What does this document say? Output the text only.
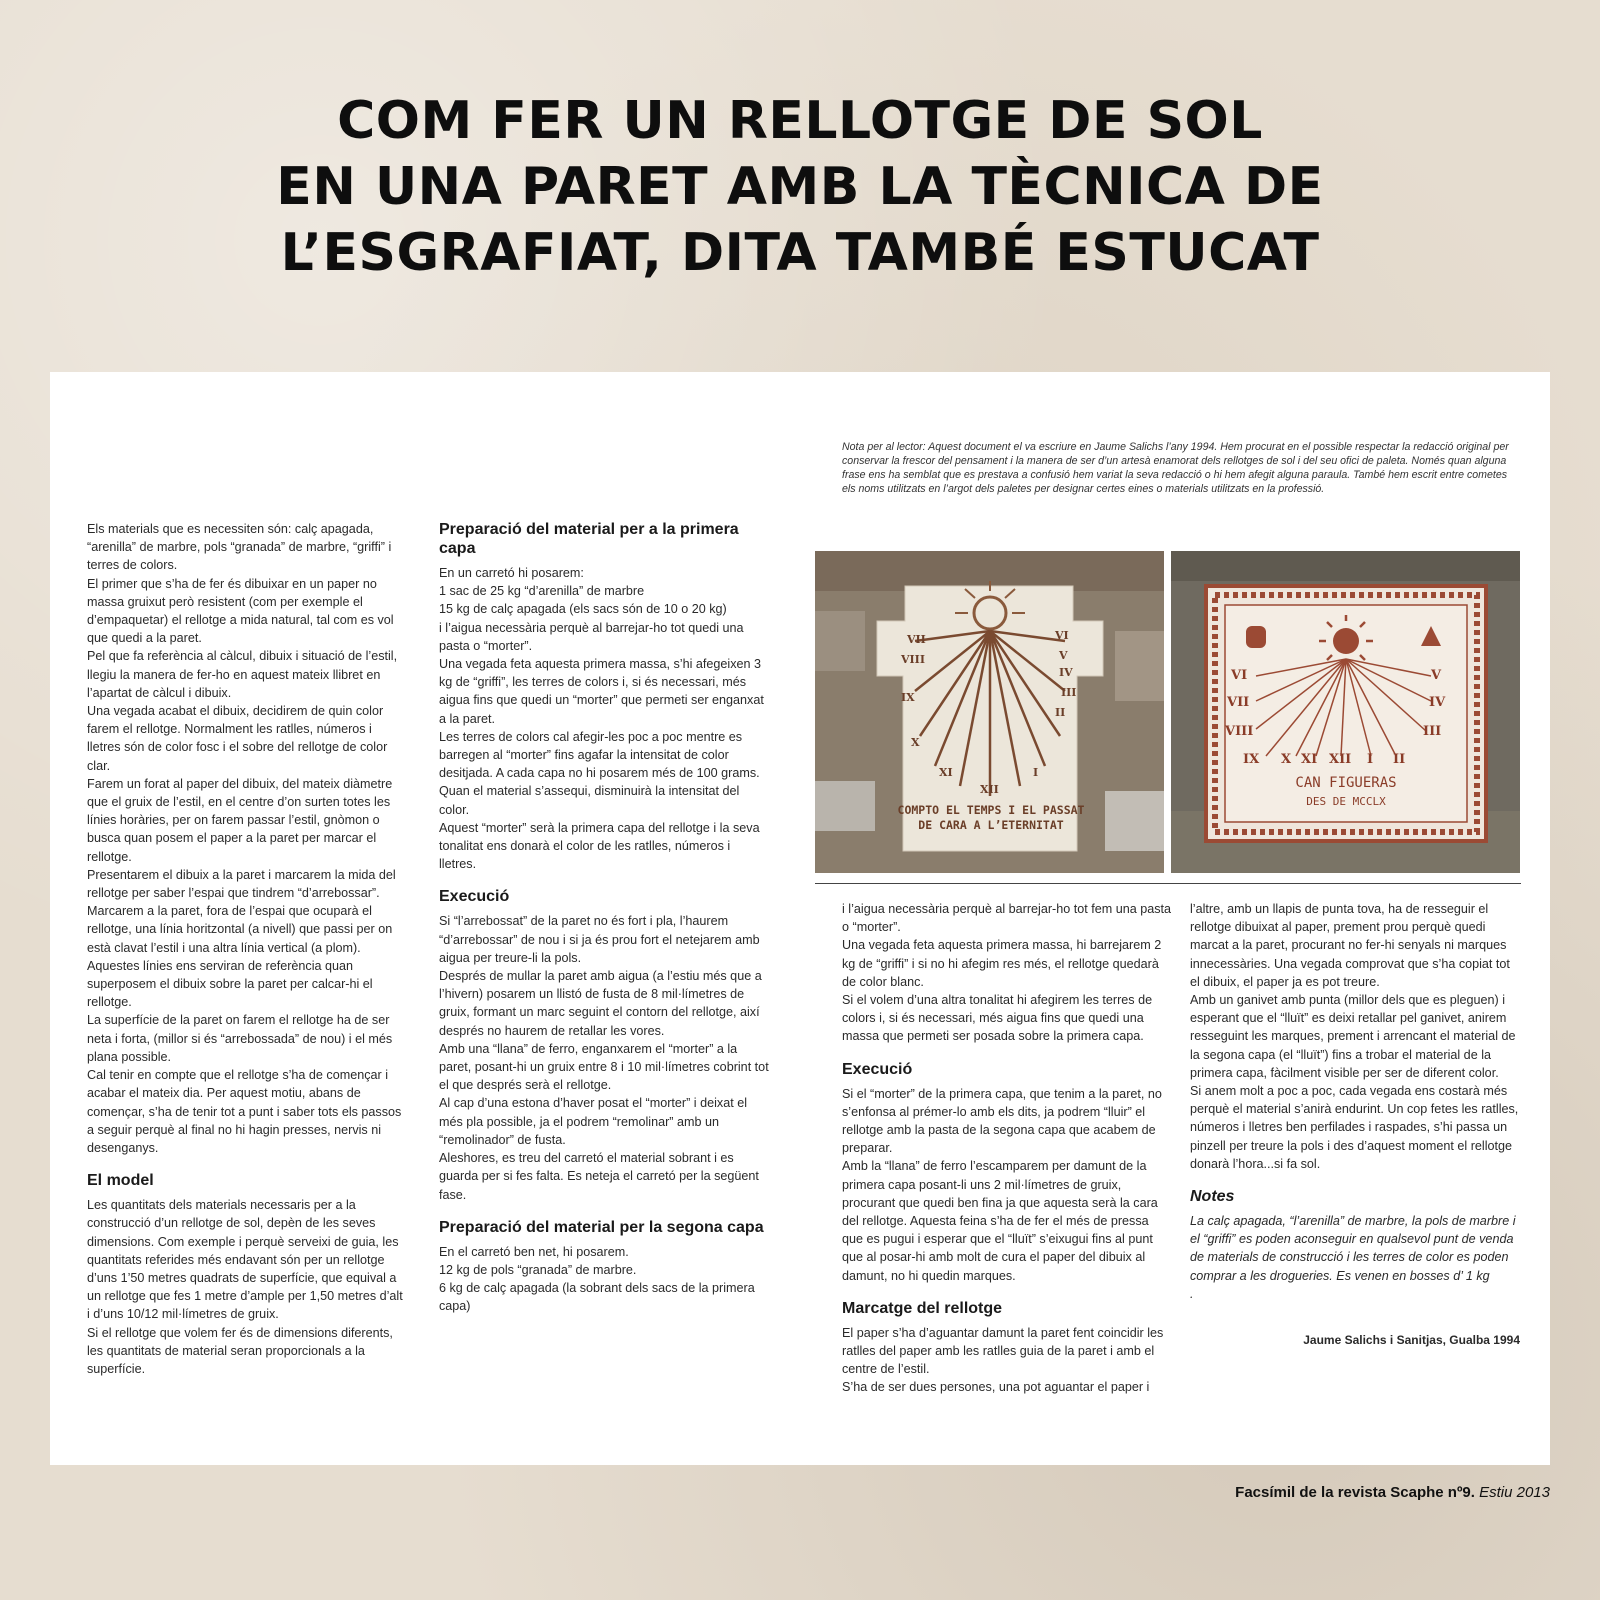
COM FER UN RELLOTGE DE SOL
EN UNA PARET AMB LA TÈCNICA DE
L’ESGRAFIAT, DITA TAMBÉ ESTUCAT

Nota per al lector: Aquest document el va escriure en Jaume Salichs l’any 1994. Hem procurat en el possible respectar la redacció original per conservar la frescor del pensament i la manera de ser d’un artesà enamorat dels rellotges de sol i del seu ofici de paleta. Només quan alguna frase ens ha semblat que es prestava a confusió hem variat la seva redacció o hi hem afegit alguna paraula. També hem escrit entre cometes els noms utilitzats en l’argot dels paletes per designar certes eines o materials utilitzats en la professió.

Els materials que es necessiten són: calç apagada, “arenilla” de marbre, pols “granada” de marbre, “griffi” i terres de colors.

El primer que s’ha de fer és dibuixar en un paper no massa gruixut però resistent (com per exemple el d’empaquetar) el rellotge a mida natural, tal com es vol que quedi a la paret.

Pel que fa referència al càlcul, dibuix i situació de l’estil, llegiu la manera de fer-ho en aquest mateix llibret en l’apartat de càlcul i dibuix.

Una vegada acabat el dibuix, decidirem de quin color farem el rellotge. Normalment les ratlles, números i lletres són de color fosc i el sobre del rellotge de color clar.

Farem un forat al paper del dibuix, del mateix diàmetre que el gruix de l’estil, en el centre d’on surten totes les línies horàries, per on farem passar l’estil, gnòmon o busca quan posem el paper a la paret per marcar el rellotge.

Presentarem el dibuix a la paret i marcarem la mida del rellotge per saber l’espai que tindrem “d’arrebossar”.

Marcarem a la paret, fora de l’espai que ocuparà el rellotge, una línia horitzontal (a nivell) que passi per on està clavat l’estil i una altra línia vertical (a plom). Aquestes línies ens serviran de referència quan superposem el dibuix sobre la paret per calcar-hi el rellotge.

La superfície de la paret on farem el rellotge ha de ser neta i forta, (millor si és “arrebossada” de nou) i el més plana possible.

Cal tenir en compte que el rellotge s’ha de començar i acabar el mateix dia. Per aquest motiu, abans de començar, s’ha de tenir tot a punt i saber tots els passos a seguir perquè al final no hi hagin presses, nervis ni desenganys.

El model

Les quantitats dels materials necessaris per a la construcció d’un rellotge de sol, depèn de les seves dimensions. Com exemple i perquè serveixi de guia, les quantitats referides més endavant són per un rellotge d’uns 1’50 metres quadrats de superfície, que equival a un rellotge que fes 1 metre d’ample per 1,50 metres d’alt i d’uns 10/12 mil·límetres de gruix.

Si el rellotge que volem fer és de dimensions diferents, les quantitats de material seran proporcionals a la superfície.

Preparació del material per a la primera capa

En un carretó hi posarem:

1 sac de 25 kg “d’arenilla” de marbre

15 kg de calç apagada (els sacs són de 10 o 20 kg)

i l’aigua necessària perquè al barrejar-ho tot quedi una pasta o “morter”.

Una vegada feta aquesta primera massa, s’hi afegeixen 3 kg de “griffi”, les terres de colors i, si és necessari, més aigua fins que quedi un “morter” que permeti ser enganxat a la paret.

Les terres de colors cal afegir-les poc a poc mentre es barregen al “morter” fins agafar la intensitat de color desitjada. A cada capa no hi posarem més de 100 grams. Quan el material s’assequi, disminuirà la intensitat del color.

Aquest “morter” serà la primera capa del rellotge i la seva tonalitat ens donarà el color de les ratlles, números i lletres.

Execució

Si “l’arrebossat” de la paret no és fort i pla, l’haurem “d’arrebossar” de nou i si ja és prou fort el netejarem amb aigua per treure-li la pols.

Després de mullar la paret amb aigua (a l’estiu més que a l’hivern) posarem un llistó de fusta de 8 mil·límetres de gruix, formant un marc seguint el contorn del rellotge, així després no haurem de retallar les vores.

Amb una “llana” de ferro, enganxarem el “morter” a la paret, posant-hi un gruix entre 8 i 10 mil·límetres cobrint tot el que després serà el rellotge.

Al cap d’una estona d’haver posat el “morter” i deixat el més pla possible, ja el podrem “remolinar” amb un “remolinador” de fusta.

Aleshores, es treu del carretó el material sobrant i es guarda per si fes falta. Es neteja el carretó per la següent fase.

Preparació del material per la segona capa

En el carretó ben net, hi posarem.

12 kg de pols “granada” de marbre.

6 kg de calç apagada (la sobrant dels sacs de la primera capa)

VII
VIII
IX
X
XI
XII
I
II
III
IV
V
VI
COMPTO EL TEMPS I EL PASSAT
DE CARA A L’ETERNITAT
VI
VII
VIII
IX X XI XII I II
III
IV
V
CAN FIGUERAS
DES DE MCCLX

i l’aigua necessària perquè al barrejar-ho tot fem una pasta o “morter”.

Una vegada feta aquesta primera massa, hi barrejarem 2 kg de “griffi” i si no hi afegim res més, el rellotge quedarà de color blanc.

Si el volem d’una altra tonalitat hi afegirem les terres de colors i, si és necessari, més aigua fins que quedi una massa que permeti ser posada sobre la primera capa.

Execució

Si el “morter” de la primera capa, que tenim a la paret, no s’enfonsa al prémer-lo amb els dits, ja podrem “lluir” el rellotge amb la pasta de la segona capa que acabem de preparar.

Amb la “llana” de ferro l’escamparem per damunt de la primera capa posant-li uns 2 mil·límetres de gruix, procurant que quedi ben fina ja que aquesta serà la cara del rellotge. Aquesta feina s’ha de fer el més de pressa que es pugui i esperar que el “lluït” s’eixugui fins al punt que al posar-hi amb molt de cura el paper del dibuix al damunt, no hi quedin marques.

Marcatge del rellotge

El paper s’ha d’aguantar damunt la paret fent coincidir les ratlles del paper amb les ratlles guia de la paret i amb el centre de l’estil.

S’ha de ser dues persones, una pot aguantar el paper i

l’altre, amb un llapis de punta tova, ha de resseguir el rellotge dibuixat al paper, prement prou perquè quedi marcat a la paret, procurant no fer-hi senyals ni marques innecessàries. Una vegada comprovat que s’ha copiat tot el dibuix, el paper ja es pot treure.

Amb un ganivet amb punta (millor dels que es pleguen) i esperant que el “lluït” es deixi retallar pel ganivet, anirem resseguint les marques, prement i arrencant el material de la segona capa (el “lluït”) fins a trobar el material de la primera capa, fàcilment visible per ser de diferent color.

Si anem molt a poc a poc, cada vegada ens costarà més perquè el material s’anirà endurint. Un cop fetes les ratlles, números i lletres ben perfilades i raspades, s’hi passa un pinzell per treure la pols i des d’aquest moment el rellotge donarà l’hora...si fa sol.

Notes

La calç apagada, “l’arenilla” de marbre, la pols de marbre i el “griffi” es poden aconseguir en qualsevol punt de venda de materials de construcció i les terres de color es poden comprar a les drogueries. Es venen en bosses d’ 1 kg

.

Jaume Salichs i Sanitjas, Gualba 1994

Facsímil de la revista Scaphe nº9. Estiu 2013
